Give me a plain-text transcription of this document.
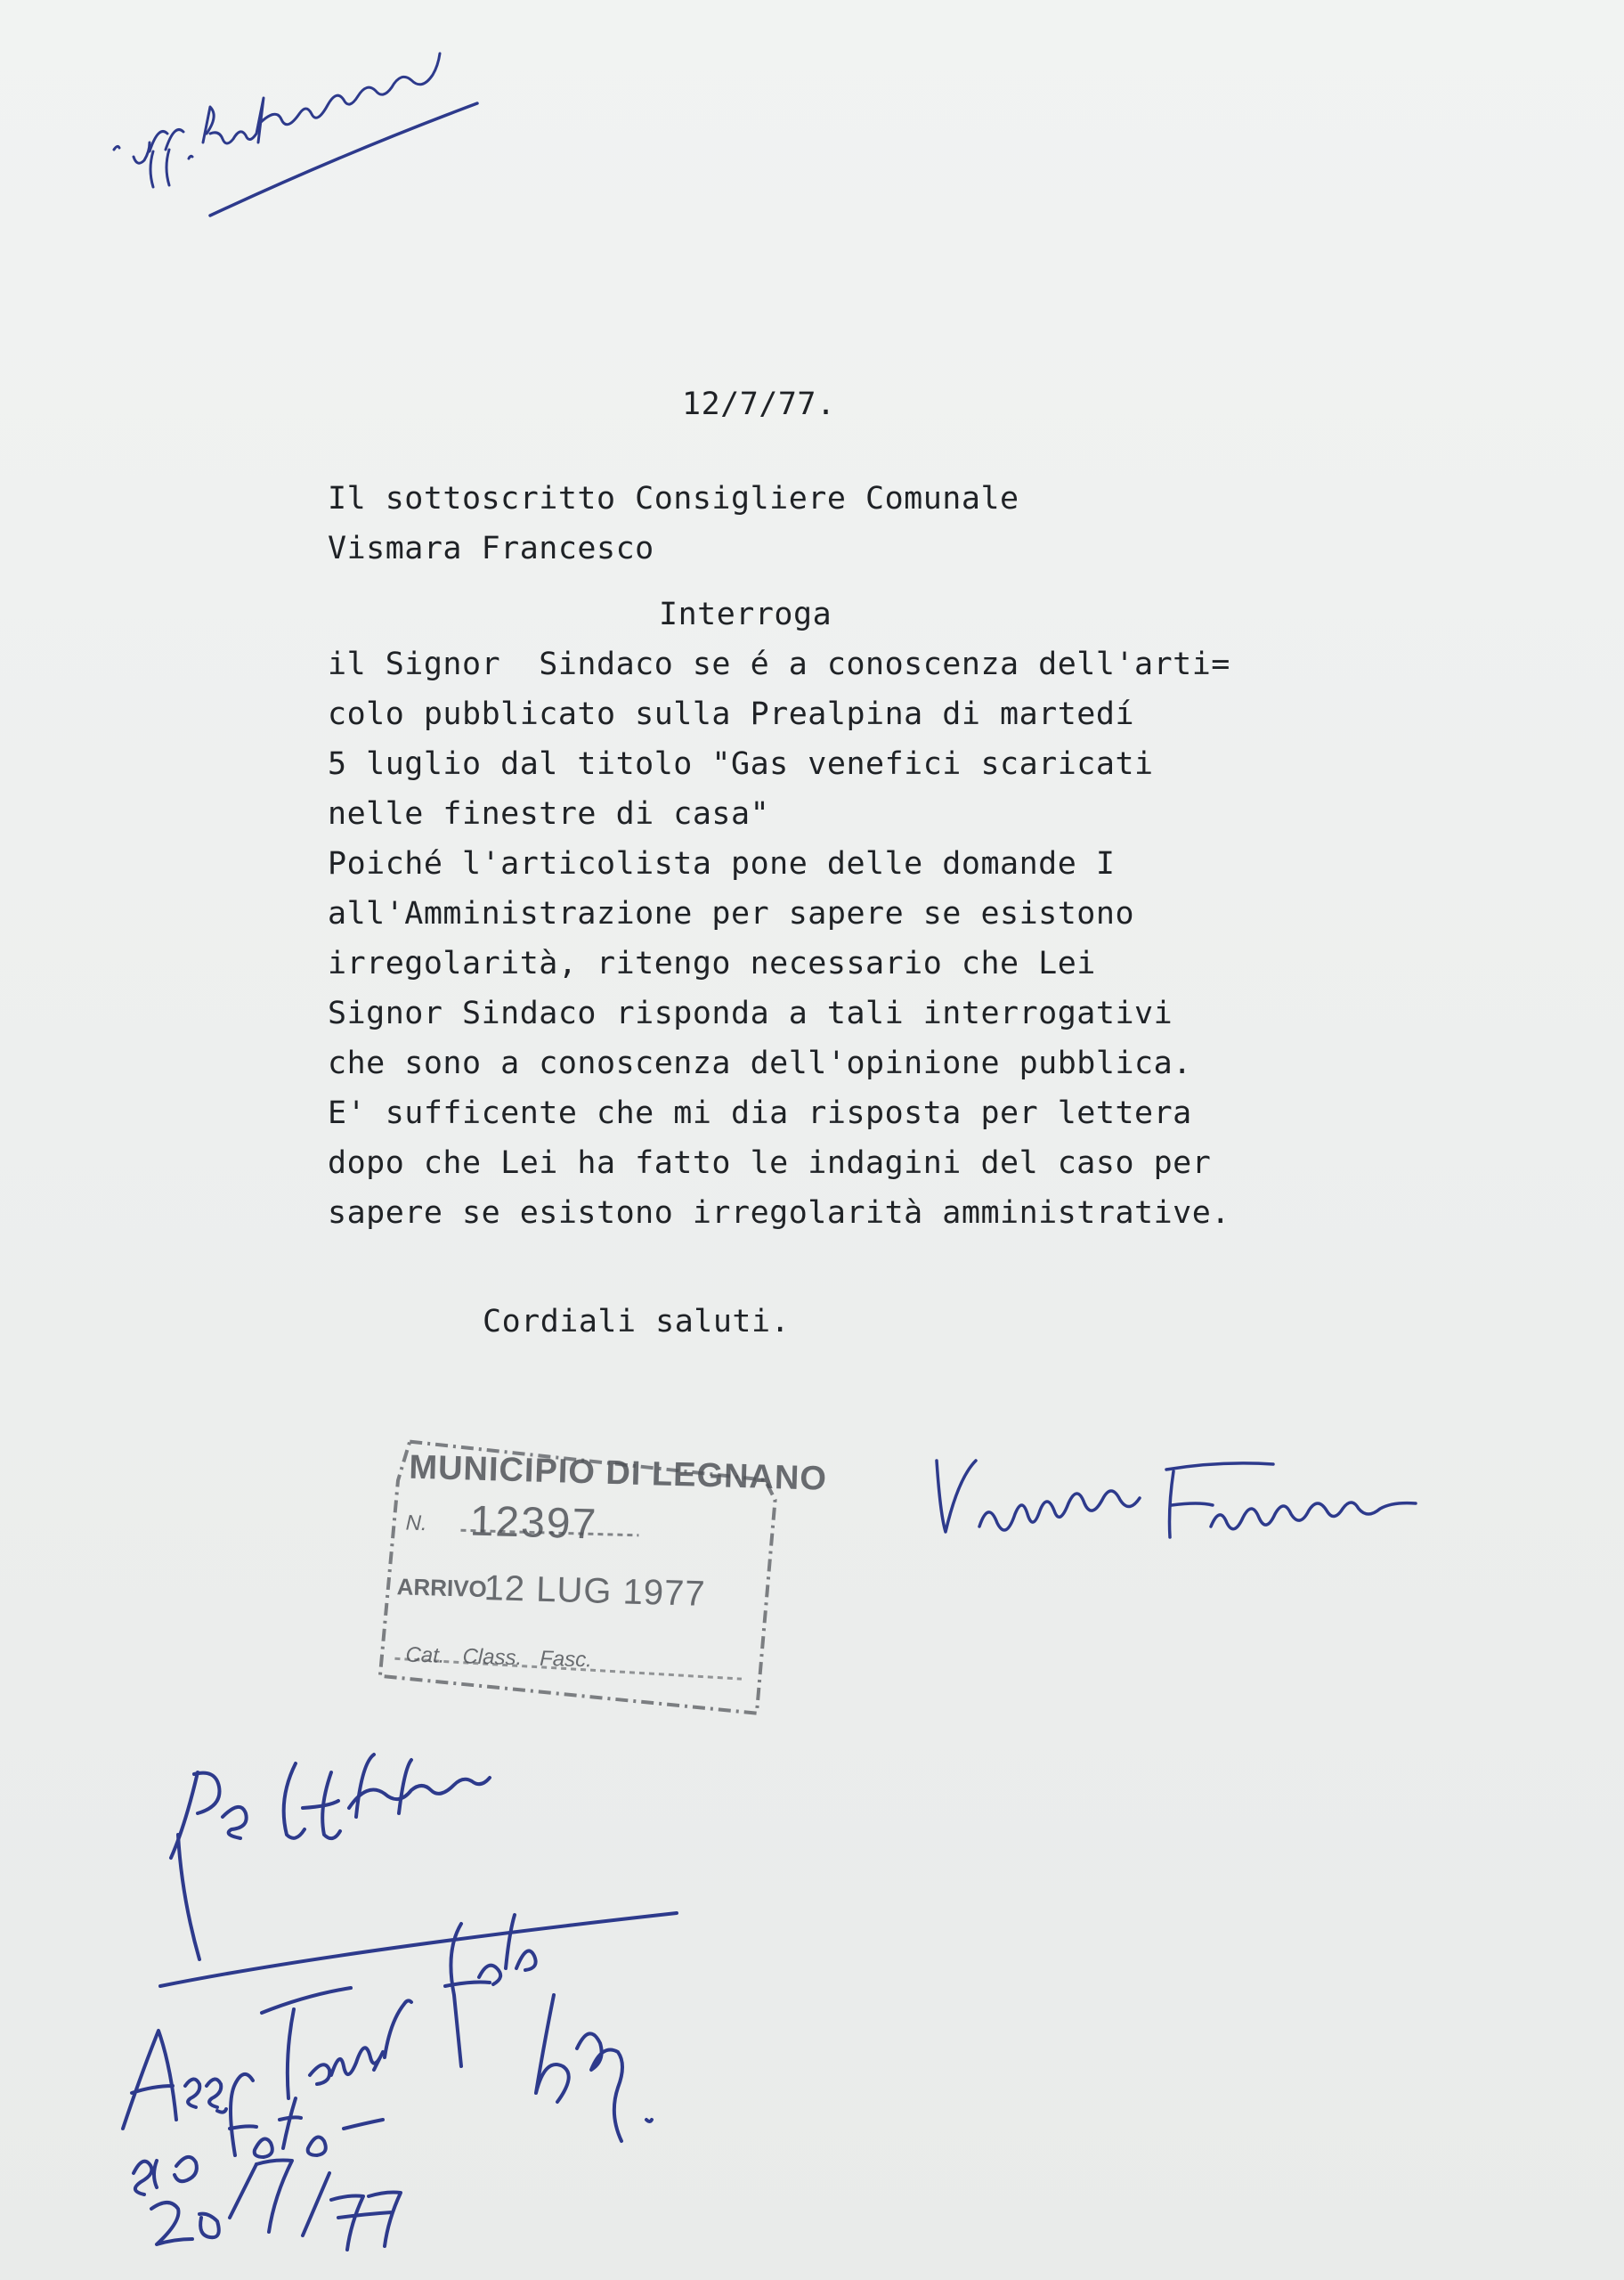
12/7/77.
Il sottoscritto Consigliere Comunale
Vismara Francesco
Interroga
il Signor  Sindaco se é a conoscenza dell'arti=
colo pubblicato sulla Prealpina di martedí
5 luglio dal titolo "Gas venefici scaricati
nelle finestre di casa"
Poiché l'articolista pone delle domande I
all'Amministrazione per sapere se esistono
irregolarità, ritengo necessario che Lei
Signor Sindaco risponda a tali interrogativi
che sono a conoscenza dell'opinione pubblica.
E' sufficente che mi dia risposta per lettera
dopo che Lei ha fatto le indagini del caso per
sapere se esistono irregolarità amministrative.
Cordiali saluti.
MUNICIPIO DI LEGNANO
N. 12397
ARRIVO
12 LUG 1977
Cat.   Class.   Fasc.
